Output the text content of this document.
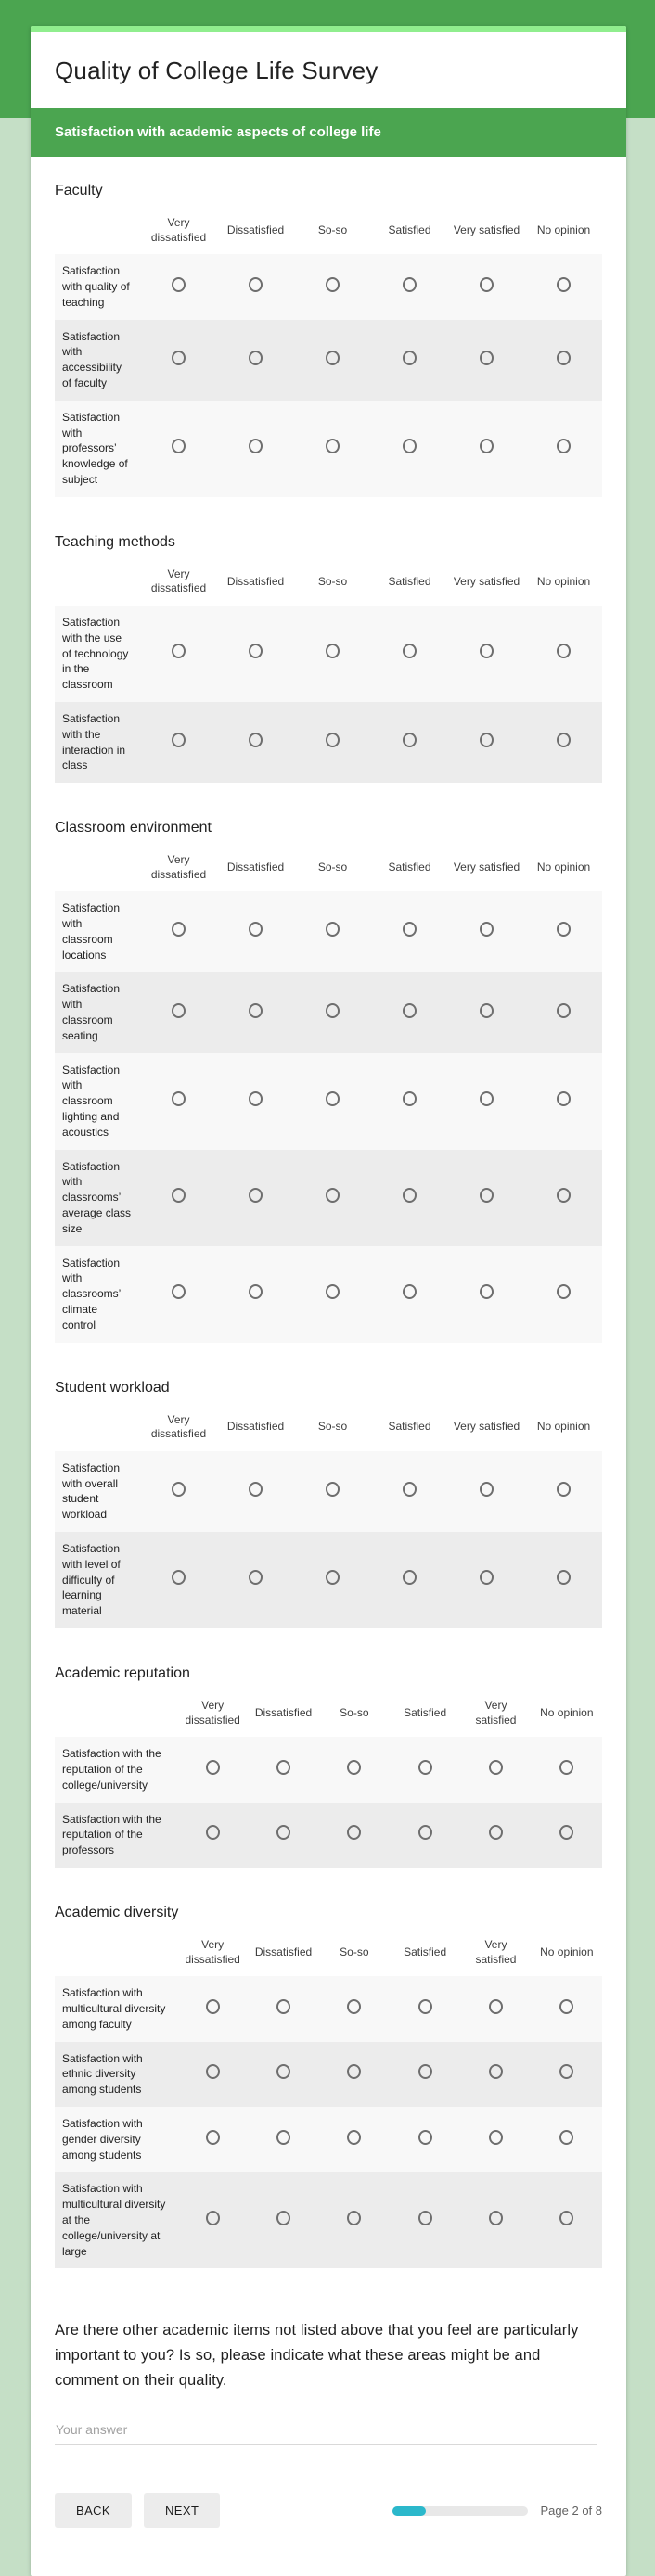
Quality of College Life Survey
Satisfaction with academic aspects of college life
Faculty
	Very dissatisfied	Dissatisfied	So-so	Satisfied	Very satisfied	No opinion
Satisfaction with quality of teaching						
Satisfaction with accessibility of faculty						
Satisfaction with professors’ knowledge of subject						
Teaching methods
	Very dissatisfied	Dissatisfied	So-so	Satisfied	Very satisfied	No opinion
Satisfaction with the use of technology in the classroom						
Satisfaction with the interaction in class						
Classroom environment
	Very dissatisfied	Dissatisfied	So-so	Satisfied	Very satisfied	No opinion
Satisfaction with classroom locations						
Satisfaction with classroom seating						
Satisfaction with classroom lighting and acoustics						
Satisfaction with classrooms’ average class size						
Satisfaction with classrooms’ climate control						
Student workload
	Very dissatisfied	Dissatisfied	So-so	Satisfied	Very satisfied	No opinion
Satisfaction with overall student workload						
Satisfaction with level of difficulty of learning material						
Academic reputation
	Very dissatisfied	Dissatisfied	So-so	Satisfied	Very satisfied	No opinion
Satisfaction with the reputation of the college/university						
Satisfaction with the reputation of the professors						
Academic diversity
	Very dissatisfied	Dissatisfied	So-so	Satisfied	Very satisfied	No opinion
Satisfaction with multicultural diversity among faculty						
Satisfaction with ethnic diversity among students						
Satisfaction with gender diversity among students						
Satisfaction with multicultural diversity at the college/university at large						
Are there other academic items not listed above that you feel are particularly important to you? Is so, please indicate what these areas might be and comment on their quality.
Your answer
BACK	NEXT	Page 2 of 8
